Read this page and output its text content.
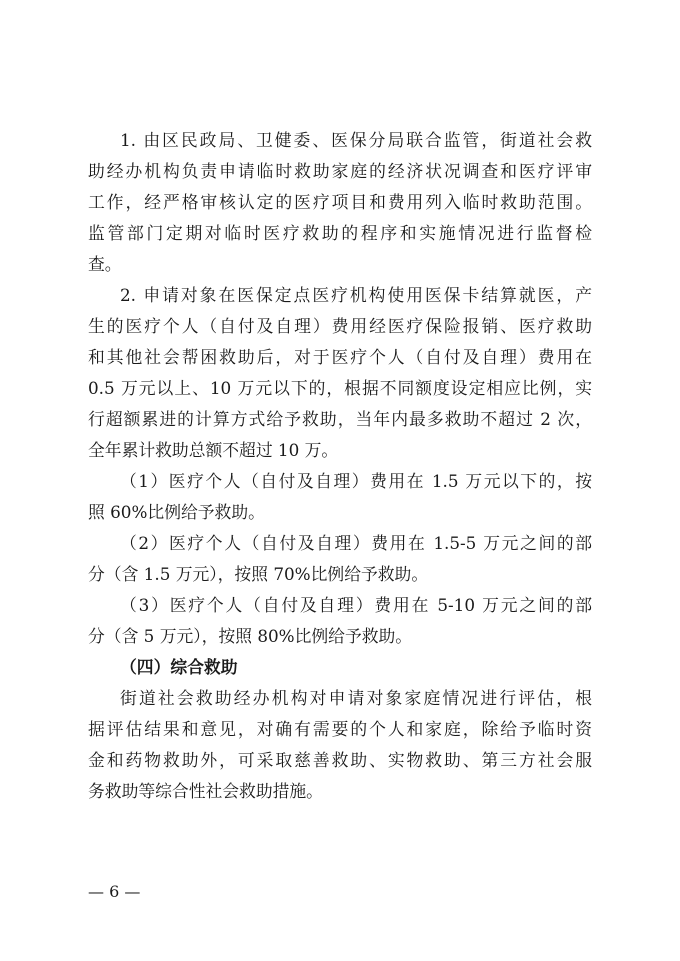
1. 由区民政局、卫健委、医保分局联合监管，街道社会救
助经办机构负责申请临时救助家庭的经济状况调查和医疗评审
工作，经严格审核认定的医疗项目和费用列入临时救助范围。
监管部门定期对临时医疗救助的程序和实施情况进行监督检
查。
2. 申请对象在医保定点医疗机构使用医保卡结算就医，产
生的医疗个人（自付及自理）费用经医疗保险报销、医疗救助
和其他社会帮困救助后，对于医疗个人（自付及自理）费用在
0.5 万元以上、10 万元以下的，根据不同额度设定相应比例，实
行超额累进的计算方式给予救助，当年内最多救助不超过 2 次，
全年累计救助总额不超过 10 万。
（1）医疗个人（自付及自理）费用在 1.5 万元以下的，按
照 60%比例给予救助。
（2）医疗个人（自付及自理）费用在 1.5-5 万元之间的部
分（含 1.5 万元），按照 70%比例给予救助。
（3）医疗个人（自付及自理）费用在 5-10 万元之间的部
分（含 5 万元），按照 80%比例给予救助。
（四）综合救助
街道社会救助经办机构对申请对象家庭情况进行评估，根
据评估结果和意见，对确有需要的个人和家庭，除给予临时资
金和药物救助外，可采取慈善救助、实物救助、第三方社会服
务救助等综合性社会救助措施。
— 6 —
